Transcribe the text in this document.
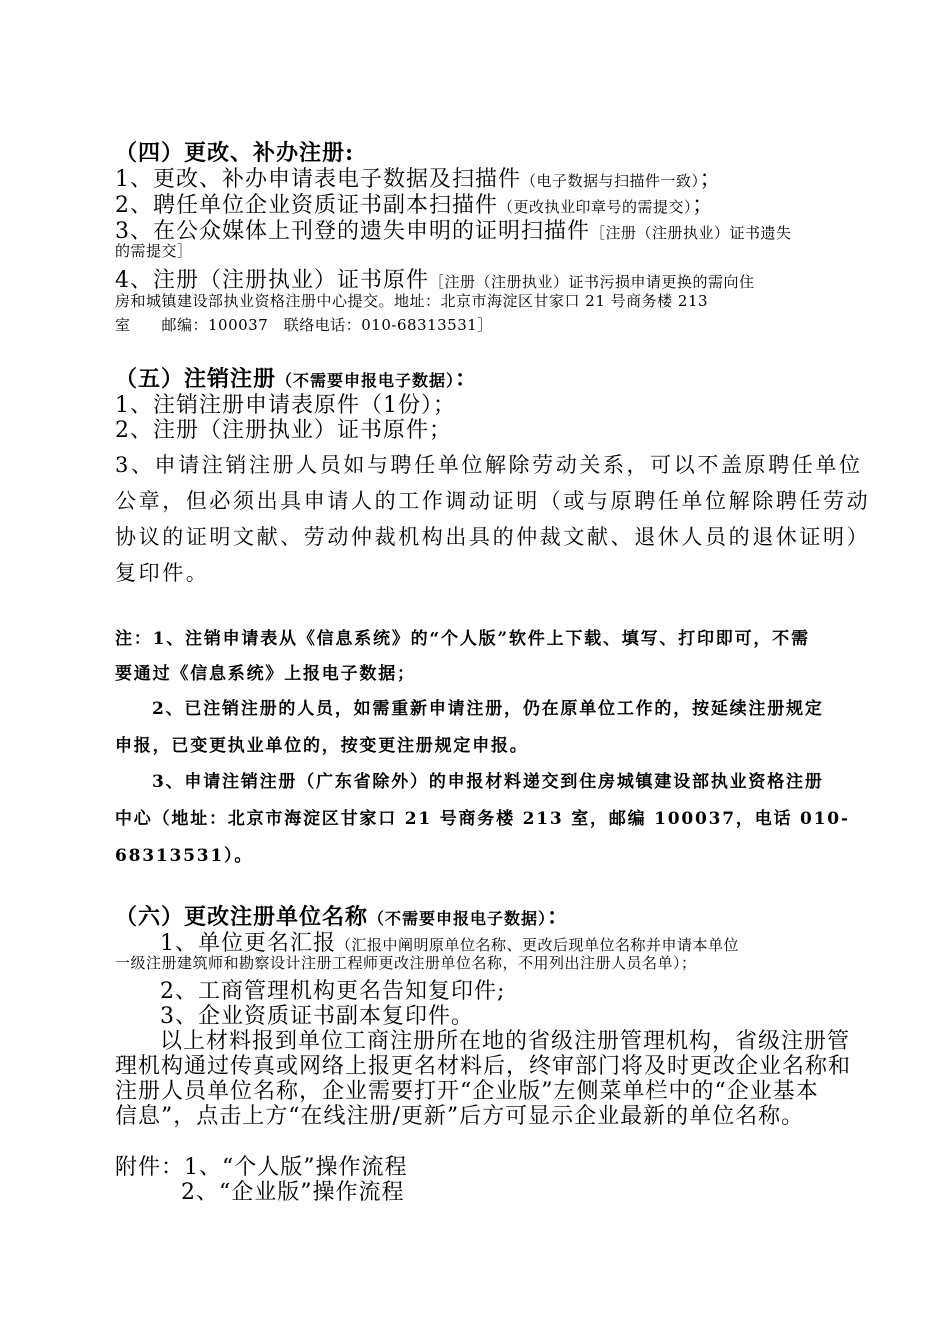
（四）更改、补办注册:
1、更改、补办申请表电子数据及扫描件（电子数据与扫描件一致）；
2、聘任单位企业资质证书副本扫描件（更改执业印章号的需提交）；
3、在公众媒体上刊登的遗失申明的证明扫描件［注册（注册执业）证书遗失
的需提交］
4、注册（注册执业）证书原件［注册（注册执业）证书污损申请更换的需向住
房和城镇建设部执业资格注册中心提交。地址：北京市海淀区甘家口 21 号商务楼 213
室　　邮编：100037　联络电话：010-68313531］
（五）注销注册（不需要申报电子数据）：
1、注销注册申请表原件（1份）；
2、注册（注册执业）证书原件；
3、申请注销注册人员如与聘任单位解除劳动关系，可以不盖原聘任单位
公章，但必须出具申请人的工作调动证明（或与原聘任单位解除聘任劳动
协议的证明文献、劳动仲裁机构出具的仲裁文献、退休人员的退休证明）
复印件。
注：1、注销申请表从《信息系统》的“个人版”软件上下载、填写、打印即可，不需
要通过《信息系统》上报电子数据；
2、已注销注册的人员，如需重新申请注册，仍在原单位工作的，按延续注册规定
申报，已变更执业单位的，按变更注册规定申报。
3、申请注销注册（广东省除外）的申报材料递交到住房城镇建设部执业资格注册
中心（地址：北京市海淀区甘家口 21 号商务楼 213 室，邮编 100037，电话 010-
68313531）。
（六）更改注册单位名称（不需要申报电子数据）：
1、单位更名汇报（汇报中阐明原单位名称、更改后现单位名称并申请本单位
一级注册建筑师和勘察设计注册工程师更改注册单位名称，不用列出注册人员名单）；
2、工商管理机构更名告知复印件;
3、企业资质证书副本复印件。
以上材料报到单位工商注册所在地的省级注册管理机构，省级注册管
理机构通过传真或网络上报更名材料后，终审部门将及时更改企业名称和
注册人员单位名称，企业需要打开“企业版”左侧菜单栏中的“企业基本
信息”，点击上方“在线注册/更新”后方可显示企业最新的单位名称。
附件：1、“个人版”操作流程
2、“企业版”操作流程
